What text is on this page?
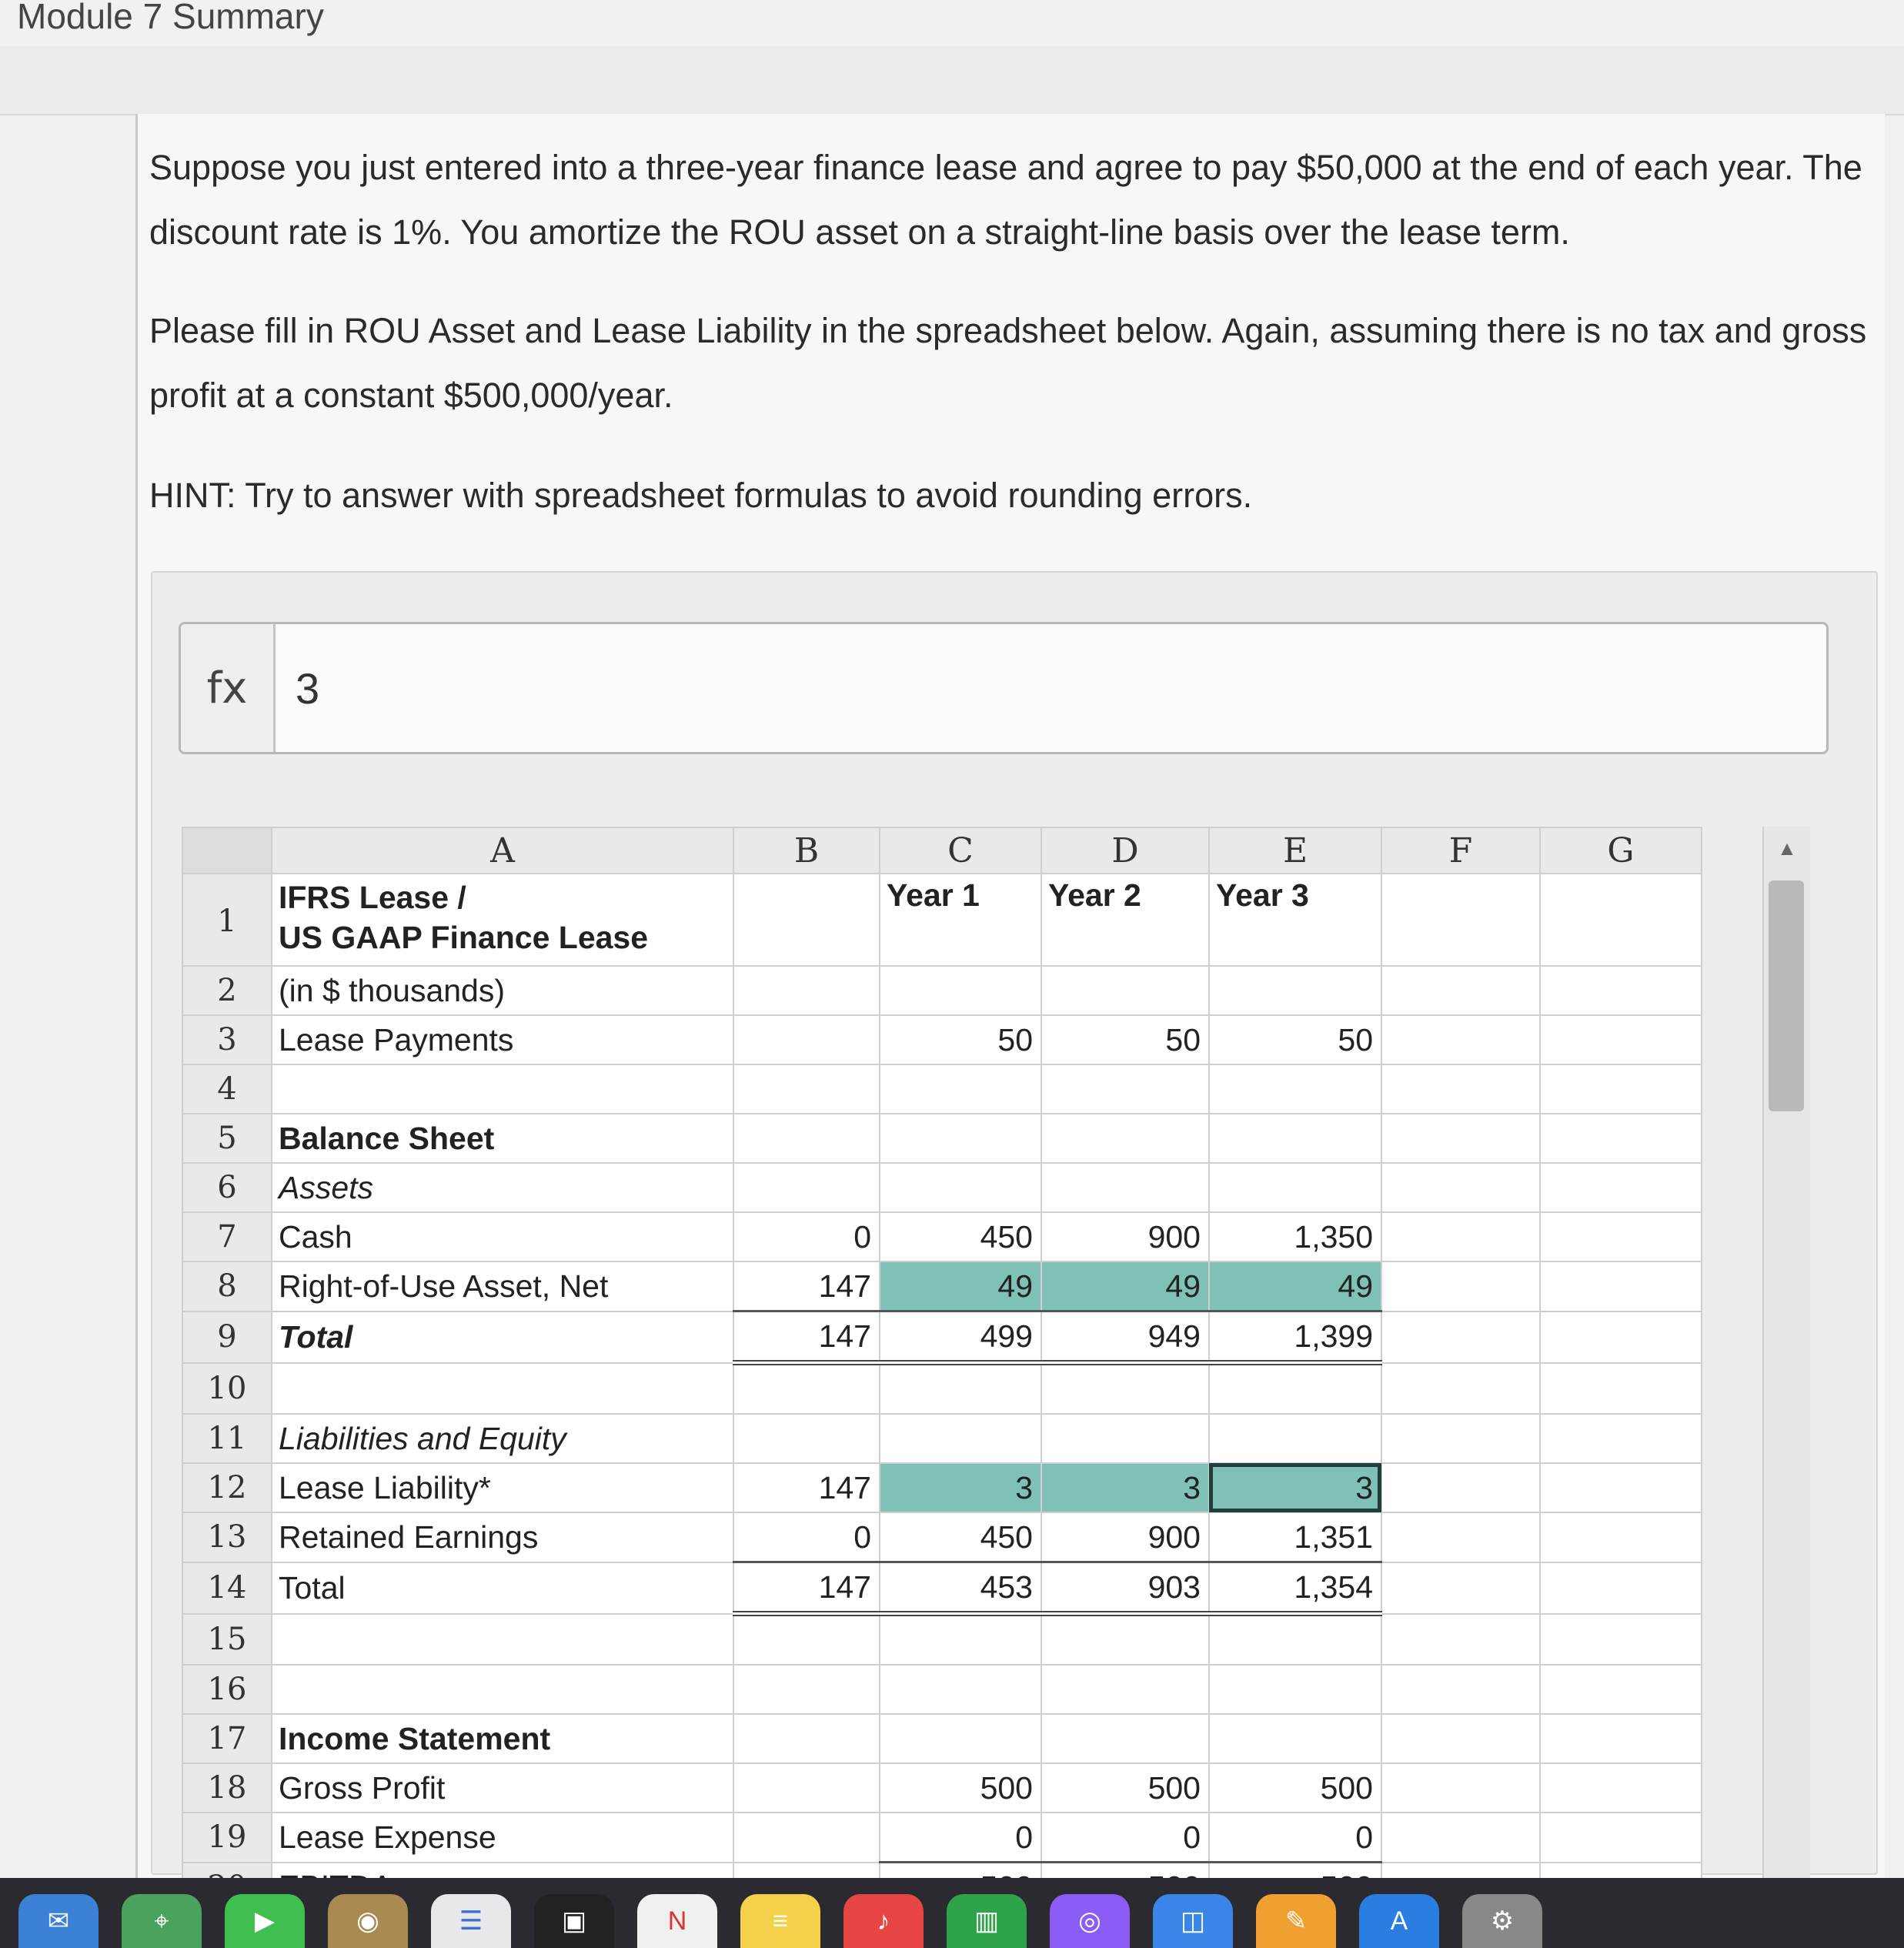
Module 7 Summary

Suppose you just entered into a three-year finance lease and agree to pay $50,000 at the end of each year. The discount rate is 1%. You amortize the ROU asset on a straight-line basis over the lease term.

Please fill in ROU Asset and Lease Liability in the spreadsheet below. Again, assuming there is no tax and gross profit at a constant $500,000/year.

HINT: Try to answer with spreadsheet formulas to avoid rounding errors.

fx	3
	A	B	C	D	E	F	G
1	IFRS Lease /
US GAAP Finance Lease		Year 1	Year 2	Year 3		
2	(in $ thousands)						
3	Lease Payments		50	50	50		
4							
5	Balance Sheet						
6	Assets						
7	Cash	0	450	900	1,350		
8	Right-of-Use Asset, Net	147	49	49	49		
9	Total	147	499	949	1,399		
10							
11	Liabilities and Equity						
12	Lease Liability*	147	3	3	3		
13	Retained Earnings	0	450	900	1,351		
14	Total	147	453	903	1,354		
15							
16							
17	Income Statement						
18	Gross Profit		500	500	500		
19	Lease Expense		0	0	0		

▲
✉	⌖	▶	◉	☰	▣	N	≡	♪	▥	◎	◫	✎	A	⚙
